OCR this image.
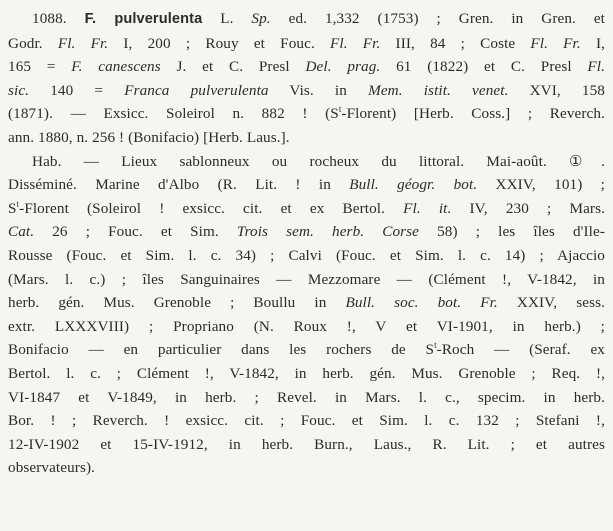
1088. F. pulverulenta L. Sp. ed. 1,332 (1753) ; Gren. in Gren. et
Godr. Fl. Fr. I, 200 ; Rouy et Fouc. Fl. Fr. III, 84 ; Coste Fl. Fr. I,
165 = F. canescens J. et C. Presl Del. prag. 61 (1822) et C. Presl Fl.
sic. 140 = Franca pulverulenta Vis. in Mem. istit. venet. XVI, 158
(1871). — Exsicc. Soleirol n. 882 ! $(S^t-Florent)$ [Herb. Coss.] ; Reverch.
ann. 1880, n. 256 ! (Bonifacio) [Herb. Laus.].
Hab. — Lieux sablonneux ou rocheux du littoral. Mai-août. ①.
Disséminé. Marine d'Albo (R. Lit. ! in Bull. géogr. bot. XXIV, 101) ;
$S^t$-Florent (Soleirol ! exsicc. cit. et ex Bertol. Fl. it. IV, 230 ; Mars.
Cat. 26 ; Fouc. et Sim. Trois sem. herb. Corse 58) ; les îles d'Ile-
Rousse (Fouc. et Sim. l. c. 34) ; Calvi (Fouc. et Sim. l. c. 14) ; Ajaccio
(Mars. l. c.) ; îles Sanguinaires — Mezzomare — (Clément !, V-1842, in
herb. gén. Mus. Grenoble ; Boullu in Bull. soc. bot. Fr. XXIV, sess.
extr. LXXXVIII) ; Propriano (N. Roux !, V et VI-1901, in herb.) ;
Bonifacio — en particulier dans les rochers de $S^t$-Roch — (Seraf. ex
Bertol. l. c. ; Clément !, V-1842, in herb. gén. Mus. Grenoble ; Req. !,
VI-1847 et V-1849, in herb. ; Revel. in Mars. l. c., specim. in herb.
Bor. ! ; Reverch. ! exsicc. cit. ; Fouc. et Sim. l. c. 132 ; Stefani !,
12-IV-1902 et 15-IV-1912, in herb. Burn., Laus., R. Lit. ; et autres
observateurs).
